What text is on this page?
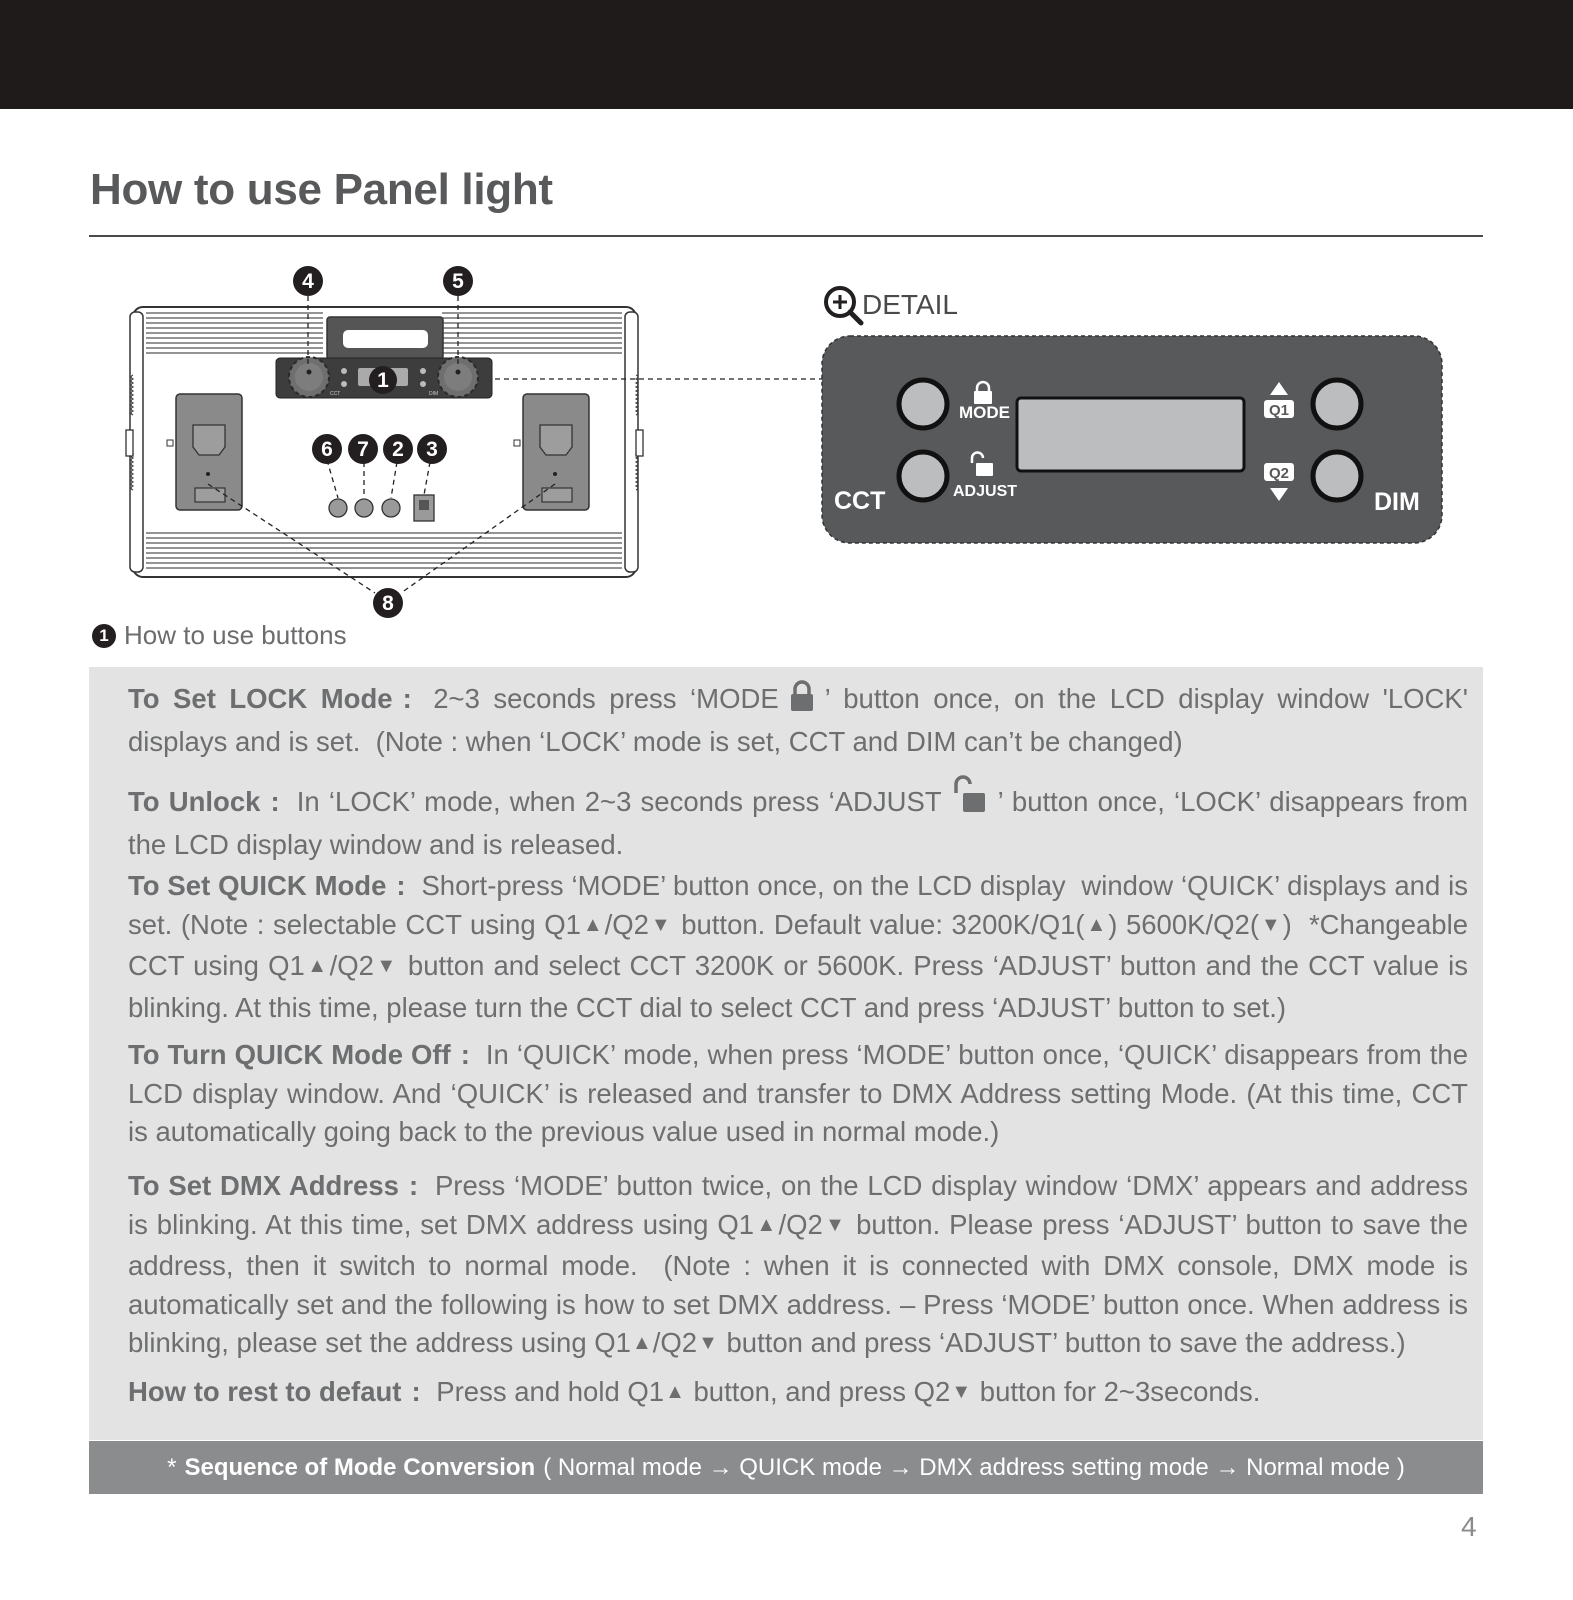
How to use Panel light
CCT	DIM
4	5
1
6 7 2 3
8
DETAIL
MODE
ADJUST
CCT
Q1
Q2
DIM
1 How to use buttons

To Set LOCK Mode : 2~3 seconds press ‘MODE ’ button once, on the LCD display window 'LOCK' displays and is set.  (Note : when ‘LOCK’ mode is set, CCT and DIM can’t be changed)

To Unlock : In ‘LOCK’ mode, when 2~3 seconds press ‘ADJUST ’ button once, ‘LOCK’ disappears from the LCD display window and is released.

To Set QUICK Mode : Short-press ‘MODE’ button once, on the LCD display  window ‘QUICK’ displays and is set. (Note : selectable CCT using Q1▲/Q2▼ button. Default value: 3200K/Q1(▲) 5600K/Q2(▼)  *Changeable CCT using Q1▲/Q2▼ button and select CCT 3200K or 5600K. Press ‘ADJUST’ button and the CCT value is blinking. At this time, please turn the CCT dial to select CCT and press ‘ADJUST’ button to set.)

To Turn QUICK Mode Off : In ‘QUICK’ mode, when press ‘MODE’ button once, ‘QUICK’ disappears from the LCD display window. And ‘QUICK’ is released and transfer to DMX Address setting Mode. (At this time, CCT is automatically going back to the previous value used in normal mode.)

To Set DMX Address : Press ‘MODE’ button twice, on the LCD display window ‘DMX’ appears and address is blinking. At this time, set DMX address using Q1▲/Q2▼ button. Please press ‘ADJUST’ button to save the address, then it switch to normal mode.  (Note : when it is connected with DMX console, DMX mode is automatically set and the following is how to set DMX address. – Press ‘MODE’ button once. When address is blinking, please set the address using Q1▲/Q2▼ button and press ‘ADJUST’ button to save the address.)

How to rest to defaut : Press and hold Q1▲ button, and press Q2▼ button for 2~3seconds.

* Sequence of Mode Conversion ( Normal mode → QUICK mode → DMX address setting mode → Normal mode )
4
